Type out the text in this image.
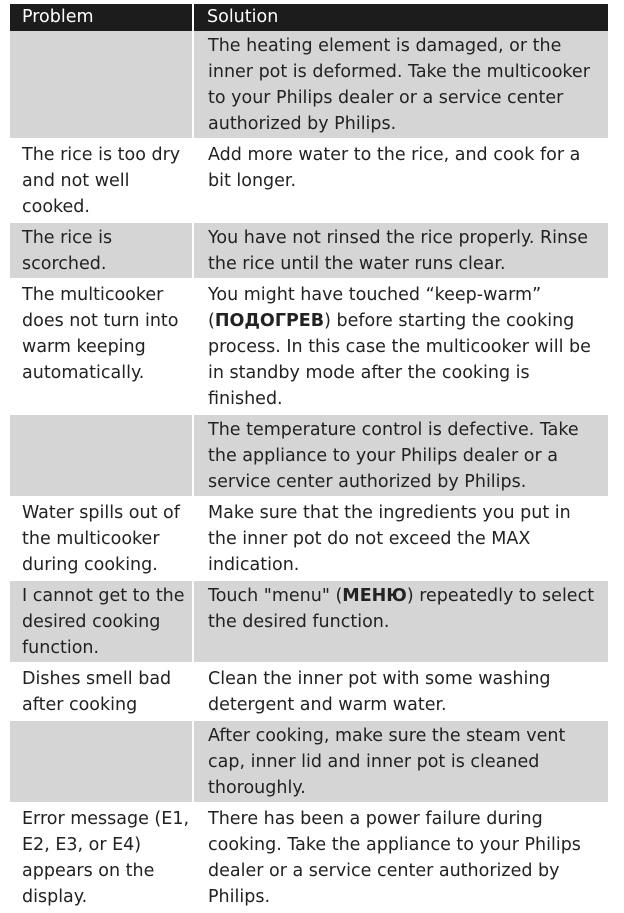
Problem	Solution
The heating element is damaged, or the inner pot is deformed. Take the multicooker to your Philips dealer or a service center authorized by Philips.
The rice is too dry and not well cooked.
Add more water to the rice, and cook for a bit longer.
The rice is scorched.
You have not rinsed the rice properly. Rinse the rice until the water runs clear.
The multicooker does not turn into warm keeping automatically.
You might have touched “keep-warm” (ПОДОГРЕВ) before starting the cooking process. In this case the multicooker will be in standby mode after the cooking is finished.
The temperature control is defective. Take the appliance to your Philips dealer or a service center authorized by Philips.
Water spills out of the multicooker during cooking.
Make sure that the ingredients you put in the inner pot do not exceed the MAX indication.
I cannot get to the desired cooking function.
Touch "menu" (МЕНЮ) repeatedly to select the desired function.
Dishes smell bad after cooking
Clean the inner pot with some washing detergent and warm water.
After cooking, make sure the steam vent cap, inner lid and inner pot is cleaned thoroughly.
Error message (E1, E2, E3, or E4) appears on the display.
There has been a power failure during cooking. Take the appliance to your Philips dealer or a service center authorized by Philips.
